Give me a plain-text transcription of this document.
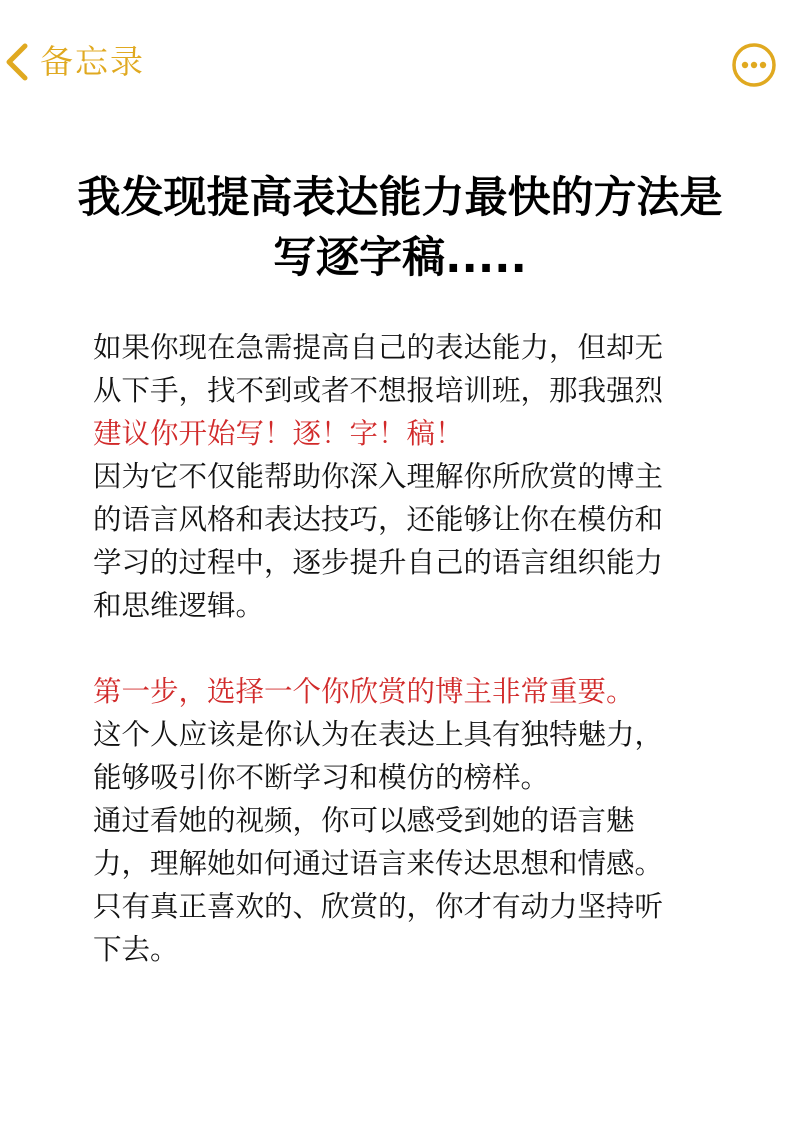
备忘录
我发现提高表达能力最快的方法是
写逐字稿.....

如果你现在急需提高自己的表达能力，但却无
从下手，找不到或者不想报培训班，那我强烈
建议你开始写！逐！字！稿！

因为它不仅能帮助你深入理解你所欣赏的博主
的语言风格和表达技巧，还能够让你在模仿和
学习的过程中，逐步提升自己的语言组织能力
和思维逻辑。

第一步，选择一个你欣赏的博主非常重要。

这个人应该是你认为在表达上具有独特魅力，
能够吸引你不断学习和模仿的榜样。

通过看她的视频，你可以感受到她的语言魅
力，理解她如何通过语言来传达思想和情感。
只有真正喜欢的、欣赏的，你才有动力坚持听
下去。
